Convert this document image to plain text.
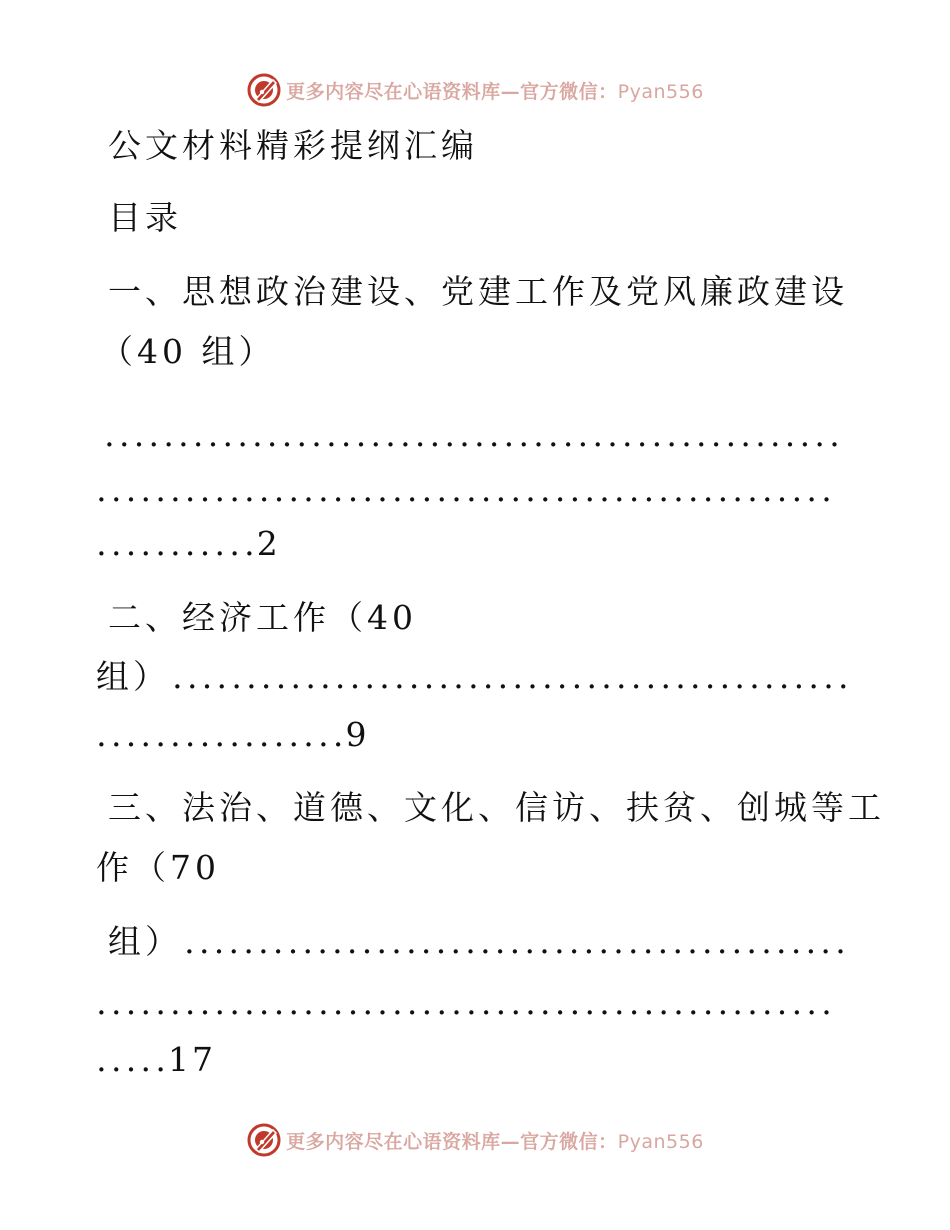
更多内容尽在心语资料库—官方微信：Pyan556
公文材料精彩提纲汇编
目录
一、思想政治建设、党建工作及党风廉政建设
（40 组）
. . . . . . . . . . . . . . . . . . . . . . . . . . . . . . . . . . . . . . . . . . . . . . . . . .
. . . . . . . . . . . . . . . . . . . . . . . . . . . . . . . . . . . . . . . . . . . . . . . . . .
. . . . . . . . . . .2
二、经济工作（40
组）. . . . . . . . . . . . . . . . . . . . . . . . . . . . . . . . . . . . . . . . . . . . . .
. . . . . . . . . . . . . . . . .9
三、法治、道德、文化、信访、扶贫、创城等工
作（70
组）. . . . . . . . . . . . . . . . . . . . . . . . . . . . . . . . . . . . . . . . . . . . .
. . . . . . . . . . . . . . . . . . . . . . . . . . . . . . . . . . . . . . . . . . . . . . . . . .
. . . . .17
更多内容尽在心语资料库—官方微信：Pyan556
